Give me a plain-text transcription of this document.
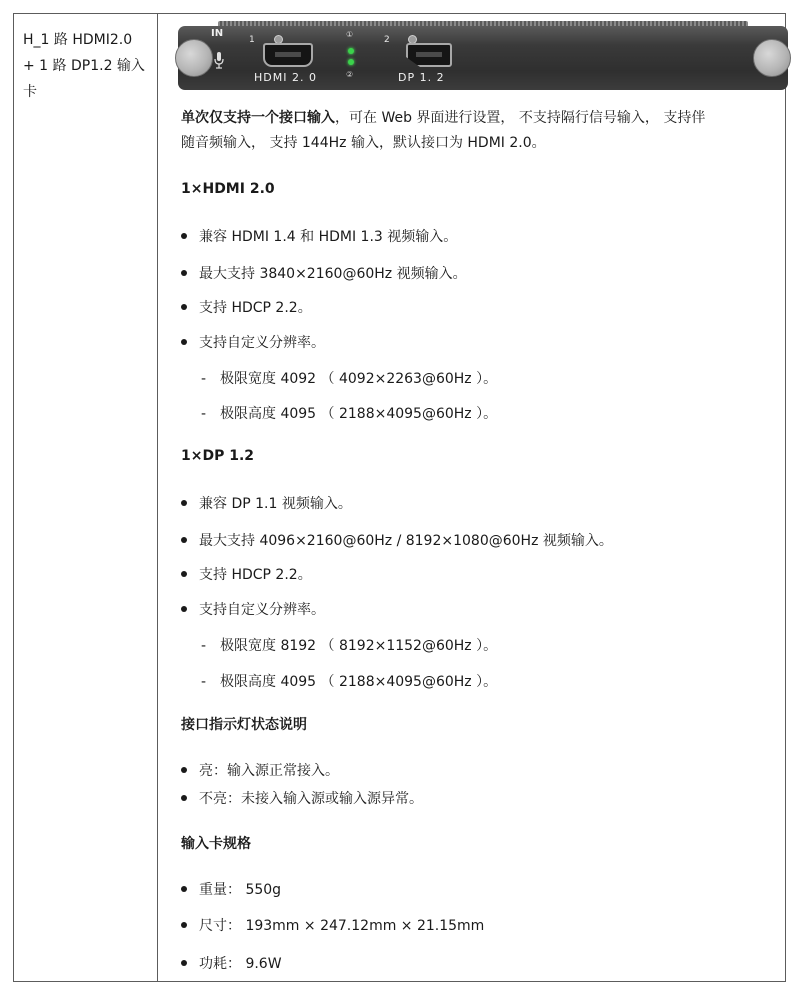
H_1 路 HDMI2.0
+ 1 路 DP1.2 输入
卡
IN
1
HDMI 2. 0
①
②
2
DP 1. 2
单次仅支持一个接口输入，可在 Web 界面进行设置， 不支持隔行信号输入， 支持伴
随音频输入， 支持 144Hz 输入，默认接口为 HDMI 2.0。
1×HDMI 2.0
兼容 HDMI 1.4 和 HDMI 1.3 视频输入。
最大支持 3840×2160@60Hz 视频输入。
支持 HDCP 2.2。
支持自定义分辨率。
- 极限宽度 4092 （ 4092×2263@60Hz ）。
- 极限高度 4095 （ 2188×4095@60Hz ）。
1×DP 1.2
兼容 DP 1.1 视频输入。
最大支持 4096×2160@60Hz / 8192×1080@60Hz 视频输入。
支持 HDCP 2.2。
支持自定义分辨率。
- 极限宽度 8192 （ 8192×1152@60Hz ）。
- 极限高度 4095 （ 2188×4095@60Hz ）。
接口指示灯状态说明
亮：输入源正常接入。
不亮：未接入输入源或输入源异常。
输入卡规格
重量： 550g
尺寸： 193mm × 247.12mm × 21.15mm
功耗： 9.6W
